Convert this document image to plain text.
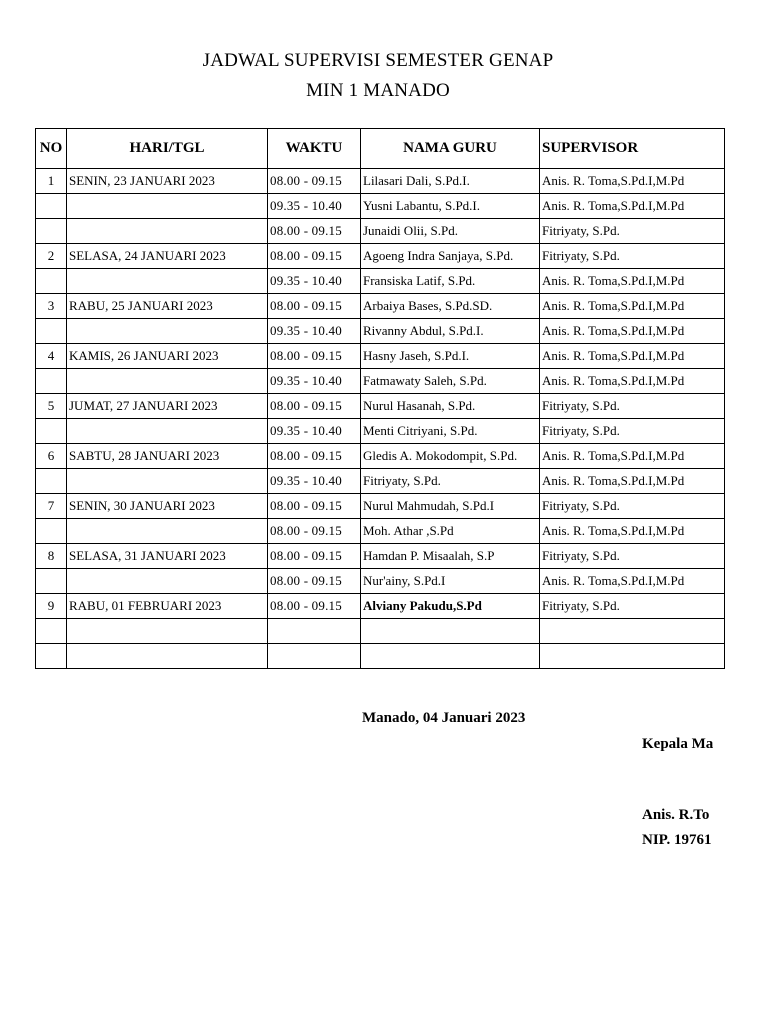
JADWAL SUPERVISI SEMESTER GENAP
MIN 1 MANADO
NO	HARI/TGL	WAKTU	NAMA GURU	SUPERVISOR
1	SENIN, 23 JANUARI 2023	08.00 - 09.15	Lilasari Dali, S.Pd.I.	Anis. R. Toma,S.Pd.I,M.Pd
		09.35 - 10.40	Yusni Labantu, S.Pd.I.	Anis. R. Toma,S.Pd.I,M.Pd
		08.00 - 09.15	Junaidi Olii, S.Pd.	Fitriyaty, S.Pd.
2	SELASA, 24 JANUARI 2023	08.00 - 09.15	Agoeng Indra Sanjaya, S.Pd.	Fitriyaty, S.Pd.
		09.35 - 10.40	Fransiska Latif, S.Pd.	Anis. R. Toma,S.Pd.I,M.Pd
3	RABU, 25 JANUARI 2023	08.00 - 09.15	Arbaiya Bases, S.Pd.SD.	Anis. R. Toma,S.Pd.I,M.Pd
		09.35 - 10.40	Rivanny Abdul, S.Pd.I.	Anis. R. Toma,S.Pd.I,M.Pd
4	KAMIS, 26 JANUARI 2023	08.00 - 09.15	Hasny Jaseh, S.Pd.I.	Anis. R. Toma,S.Pd.I,M.Pd
		09.35 - 10.40	Fatmawaty Saleh, S.Pd.	Anis. R. Toma,S.Pd.I,M.Pd
5	JUMAT, 27 JANUARI 2023	08.00 - 09.15	Nurul Hasanah, S.Pd.	Fitriyaty, S.Pd.
		09.35 - 10.40	Menti Citriyani, S.Pd.	Fitriyaty, S.Pd.
6	SABTU, 28 JANUARI 2023	08.00 - 09.15	Gledis A. Mokodompit, S.Pd.	Anis. R. Toma,S.Pd.I,M.Pd
		09.35 - 10.40	Fitriyaty, S.Pd.	Anis. R. Toma,S.Pd.I,M.Pd
7	SENIN, 30 JANUARI 2023	08.00 - 09.15	Nurul Mahmudah, S.Pd.I	Fitriyaty, S.Pd.
		08.00 - 09.15	Moh. Athar ,S.Pd	Anis. R. Toma,S.Pd.I,M.Pd
8	SELASA, 31 JANUARI 2023	08.00 - 09.15	Hamdan P. Misaalah, S.P	Fitriyaty, S.Pd.
		08.00 - 09.15	Nur'ainy, S.Pd.I	Anis. R. Toma,S.Pd.I,M.Pd
9	RABU, 01 FEBRUARI 2023	08.00 - 09.15	Alviany Pakudu,S.Pd	Fitriyaty, S.Pd.

Manado, 04 Januari 2023
Kepala Ma
Anis. R.To
NIP. 19761
